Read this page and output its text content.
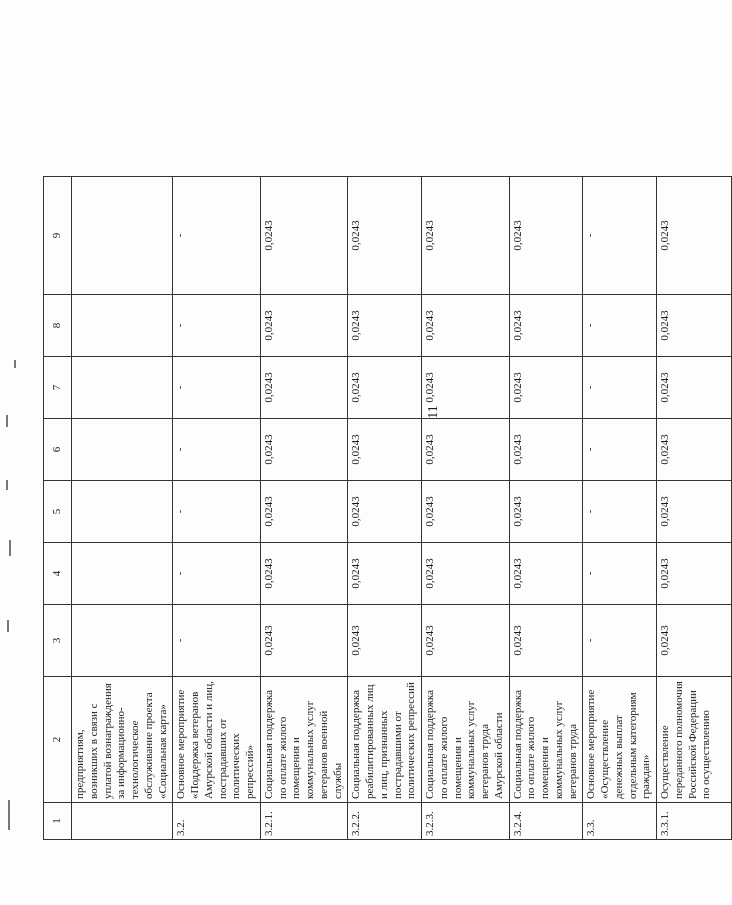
11
1	2	3	4	5	6	7	8	9
	предприятиям, возникших в связи с уплатой вознаграждения за информационно-технологическое обслуживание проекта «Социальная карта»							
3.2.	Основное мероприятие «Поддержка ветеранов Амурской области и лиц, пострадавших от политических репрессий»	-	-	-	-	-	-	-
3.2.1.	Социальная поддержка по оплате жилого помещения и коммунальных услуг ветеранов военной службы	0,0243	0,0243	0,0243	0,0243	0,0243	0,0243	0,0243
3.2.2.	Социальная поддержка реабилитированных лиц и лиц, признанных пострадавшими от политических репрессий	0,0243	0,0243	0,0243	0,0243	0,0243	0,0243	0,0243
3.2.3.	Социальная поддержка по оплате жилого помещения и коммунальных услуг ветеранов труда Амурской области	0,0243	0,0243	0,0243	0,0243	0,0243	0,0243	0,0243
3.2.4.	Социальная поддержка по оплате жилого помещения и коммунальных услуг ветеранов труда	0,0243	0,0243	0,0243	0,0243	0,0243	0,0243	0,0243
3.3.	Основное мероприятие «Осуществление денежных выплат отдельным категориям граждан»	-	-	-	-	-	-	-
3.3.1.	Осуществление переданного полномочия Российской Федерации по осуществлению	0,0243	0,0243	0,0243	0,0243	0,0243	0,0243	0,0243
